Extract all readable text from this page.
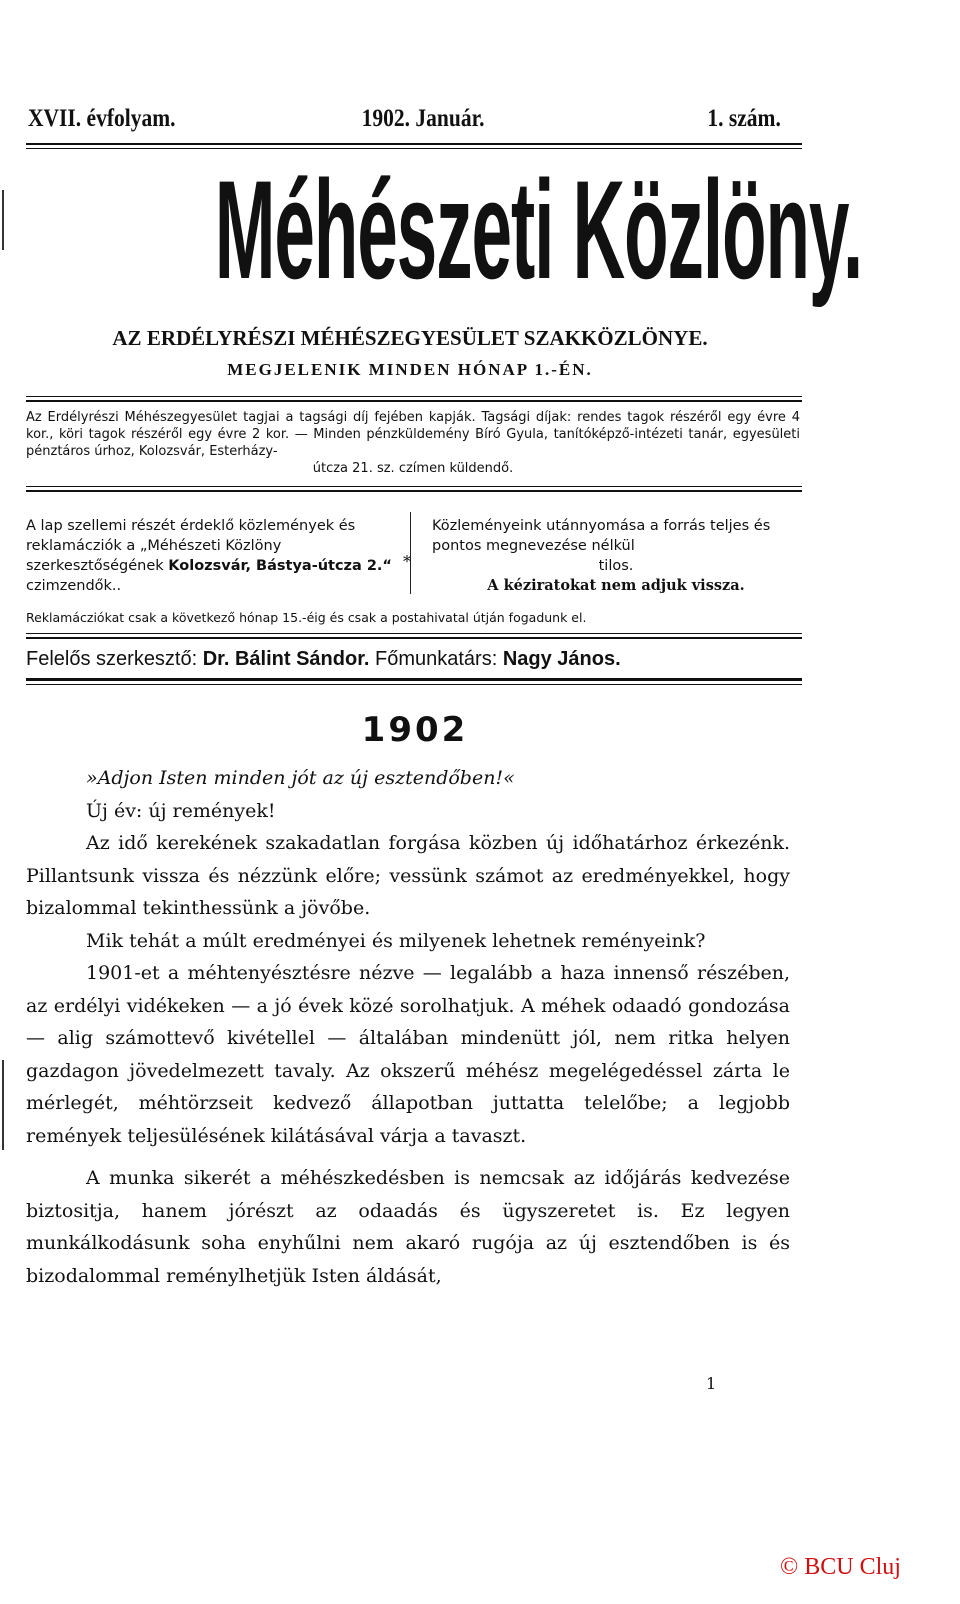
XVII. évfolyam.	1902. Január.	1. szám.
Méhészeti Közlöny.
AZ ERDÉLYRÉSZI MÉHÉSZEGYESÜLET SZAKKÖZLÖNYE.
MEGJELENIK MINDEN HÓNAP 1.-ÉN.
Az Erdélyrészi Méhészegyesület tagjai a tagsági díj fejében kapják. Tagsági díjak: rendes tagok részéről egy évre 4 kor., köri tagok részéről egy évre 2 kor. — Minden pénzküldemény Bíró Gyula, tanítóképző-intézeti tanár, egyesületi pénztáros úrhoz, Kolozsvár, Esterházy-
útcza 21. sz. czímen küldendő.
A lap szellemi részét érdeklő közlemények és reklamácziók a „Méhészeti Közlöny szerkesztőségének Kolozsvár, Bástya-útcza 2.“ czimzendők..
*
Közleményeink utánnyomása a forrás teljes és pontos megnevezése nélkül
tilos.
A kéziratokat nem adjuk vissza.
Reklamácziókat csak a következő hónap 15.-éig és csak a postahivatal útján fogadunk el.
Felelős szerkesztő: Dr. Bálint Sándor. Főmunkatárs: Nagy János.
1902

»Adjon Isten minden jót az új esztendőben!«

Új év: új remények!

Az idő kerekének szakadatlan forgása közben új időhatárhoz érkezénk. Pillantsunk vissza és nézzünk előre; vessünk számot az eredményekkel, hogy bizalommal tekinthessünk a jövőbe.

Mik tehát a múlt eredményei és milyenek lehetnek reményeink?

1901-et a méhtenyésztésre nézve — legalább a haza innenső részében, az erdélyi vidékeken — a jó évek közé sorolhatjuk. A méhek odaadó gondozása — alig számottevő kivétellel — általában mindenütt jól, nem ritka helyen gazdagon jövedelmezett tavaly. Az okszerű méhész megelégedéssel zárta le mérlegét, méhtörzseit kedvező állapotban juttatta telelőbe; a legjobb remények teljesülésének kilátásával várja a tavaszt.

A munka sikerét a méhészkedésben is nemcsak az időjárás kedvezése biztositja, hanem jórészt az odaadás és ügyszeretet is. Ez legyen munkálkodásunk soha enyhűlni nem akaró rugója az új esztendőben is és bizodalommal reménylhetjük Isten áldását,

1
© BCU Cluj
